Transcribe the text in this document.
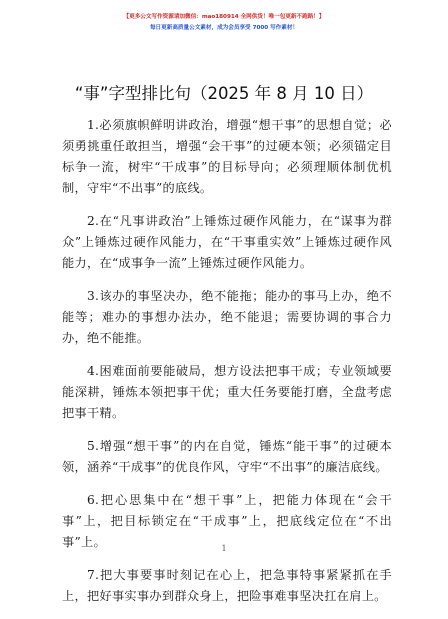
【更多公文写作资源请加微信：mao180914 全网供货！唯一包更新不跑路！】
每日更新高质量公文素材，成为会员享受 7000 写作素材！
“事”字型排比句（2025 年 8 月 10 日）

1.必须旗帜鲜明讲政治，增强“想干事”的思想自觉；必须勇挑重任敢担当，增强“会干事”的过硬本领；必须锚定目标争一流，树牢“干成事”的目标导向；必须理顺体制优机制，守牢“不出事”的底线。

2.在“凡事讲政治”上锤炼过硬作风能力，在“谋事为群众”上锤炼过硬作风能力，在“干事重实效”上锤炼过硬作风能力，在“成事争一流”上锤炼过硬作风能力。

3.该办的事坚决办，绝不能拖；能办的事马上办，绝不能等；难办的事想办法办，绝不能退；需要协调的事合力办，绝不能推。

4.困难面前要能破局，想方设法把事干成；专业领域要能深耕，锤炼本领把事干优；重大任务要能打磨，全盘考虑把事干精。

5.增强“想干事”的内在自觉，锤炼“能干事”的过硬本领，涵养“干成事”的优良作风，守牢“不出事”的廉洁底线。

6.把心思集中在“想干事”上，把能力体现在“会干事”上，把目标锁定在“干成事”上，把底线定位在“不出事”上。

7.把大事要事时刻记在心上，把急事特事紧紧抓在手上，把好事实事办到群众身上，把险事难事坚决扛在肩上。

1
